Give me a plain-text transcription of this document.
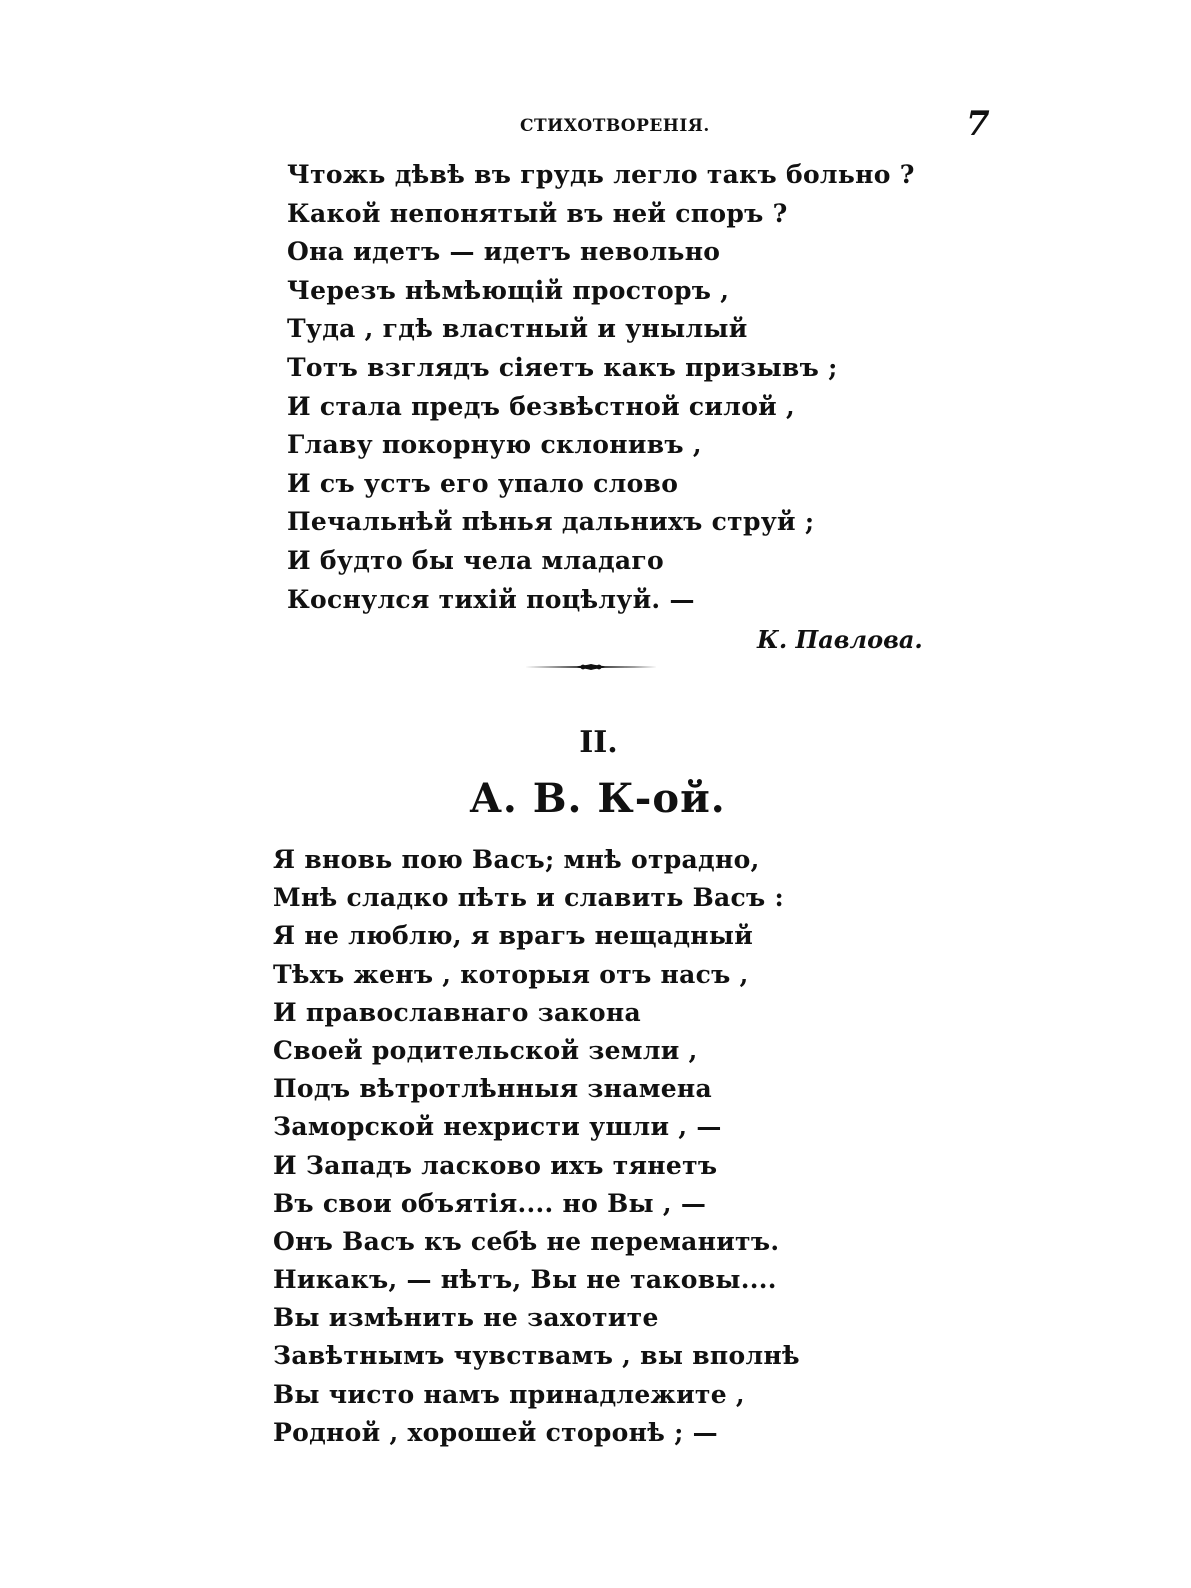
СТИХОТВОРЕНІЯ.	7
Чтожь дѣвѣ въ грудь легло такъ больно ?
Какой непонятый въ ней споръ ?
Она идетъ — идетъ невольно
Черезъ нѣмѣющій просторъ ,
Туда , гдѣ властный и унылый
Тотъ взглядъ сіяетъ какъ призывъ ;
И стала предъ безвѣстной силой ,
Главу покорную склонивъ ,
И съ устъ его упало слово
Печальнѣй пѣнья дальнихъ струй ;
И будто бы чела младаго
Коснулся тихій поцѣлуй. —
К. Павлова.
II.
А. В. К-ой.
Я вновь пою Васъ; мнѣ отрадно,
Мнѣ сладко пѣть и славить Васъ :
Я не люблю, я врагъ нещадный
Тѣхъ женъ , которыя отъ насъ ,
И православнаго закона
Своей родительской земли ,
Подъ вѣтротлѣнныя знамена
Заморской нехристи ушли , —
И Западъ ласково ихъ тянетъ
Въ свои объятія.... но Вы , —
Онъ Васъ къ себѣ не переманитъ.
Никакъ, — нѣтъ, Вы не таковы....
Вы измѣнить не захотите
Завѣтнымъ чувствамъ , вы вполнѣ
Вы чисто намъ принадлежите ,
Родной , хорошей сторонѣ ; —
